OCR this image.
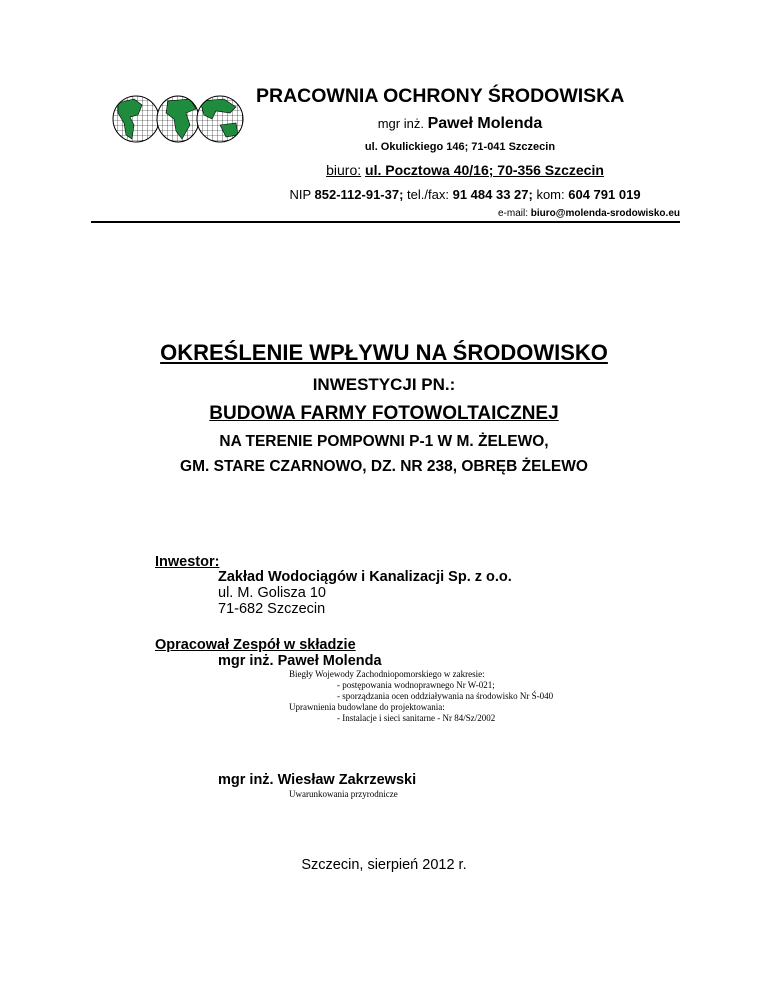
PRACOWNIA OCHRONY ŚRODOWISKA
mgr inż. Paweł Molenda
ul. Okulickiego 146; 71-041 Szczecin
biuro: ul. Pocztowa 40/16; 70-356 Szczecin
NIP 852-112-91-37; tel./fax: 91 484 33 27; kom: 604 791 019
e-mail: biuro@molenda-srodowisko.eu
OKREŚLENIE WPŁYWU NA ŚRODOWISKO
INWESTYCJI PN.:
BUDOWA FARMY FOTOWOLTAICZNEJ
NA TERENIE POMPOWNI P-1 W M. ŻELEWO,
GM. STARE CZARNOWO, DZ. NR 238, OBRĘB ŻELEWO
Inwestor:
Zakład Wodociągów i Kanalizacji Sp. z o.o.
ul. M. Golisza 10
71-682 Szczecin
Opracował Zespół w składzie
mgr inż. Paweł Molenda
Biegły Wojewody Zachodniopomorskiego w zakresie:
- postępowania wodnoprawnego Nr W-021;
- sporządzania ocen oddziaływania na środowisko Nr Ś-040
Uprawnienia budowlane do projektowania:
- Instalacje i sieci sanitarne - Nr 84/Sz/2002
mgr inż. Wiesław Zakrzewski
Uwarunkowania przyrodnicze
Szczecin, sierpień 2012 r.
